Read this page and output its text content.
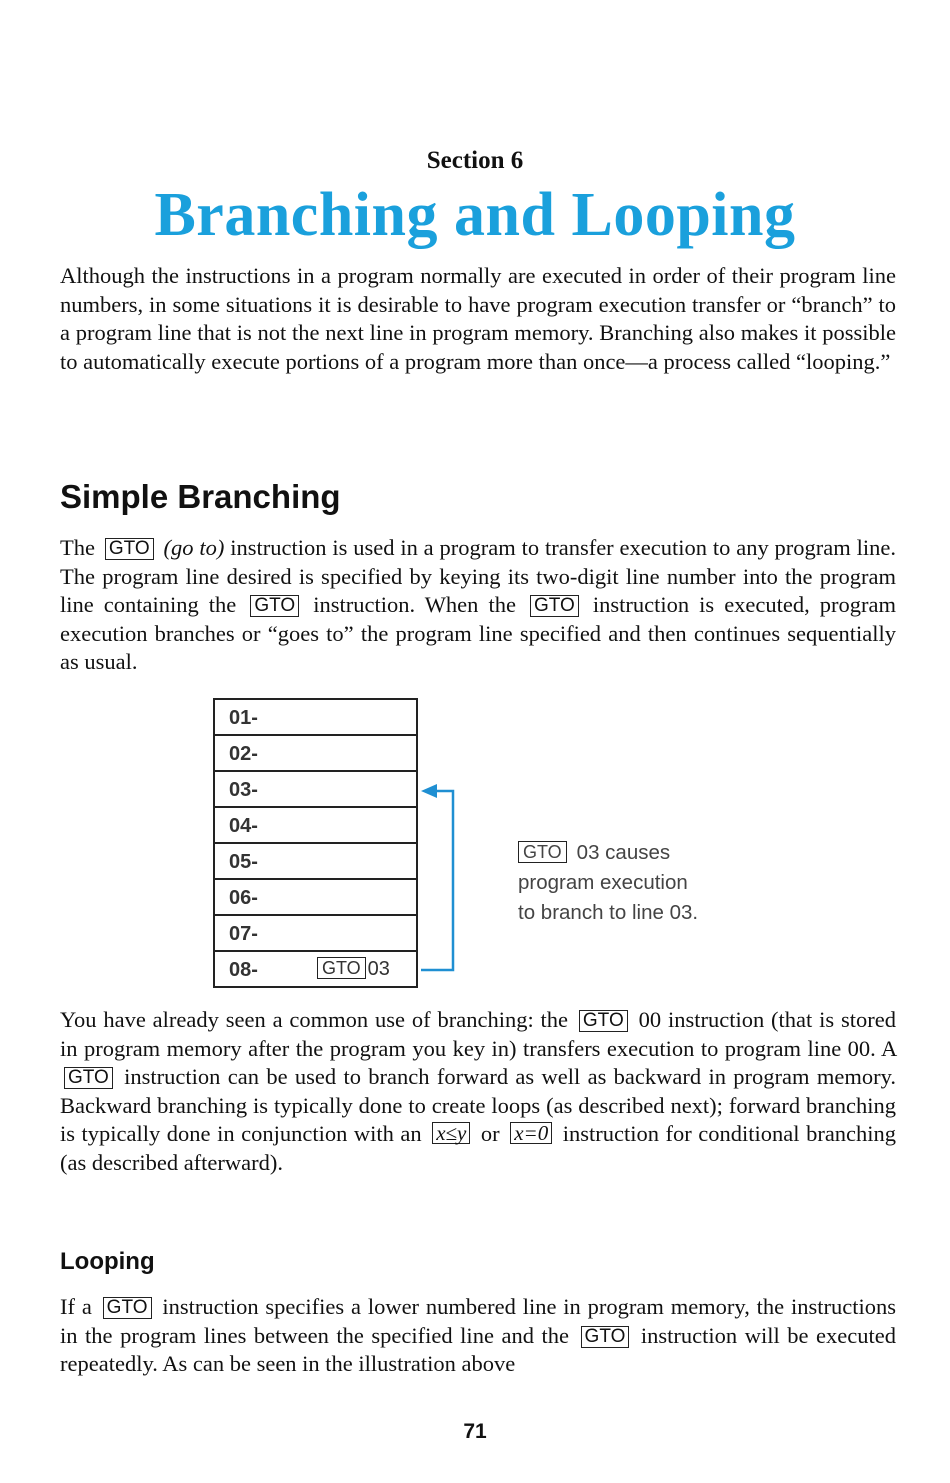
Section 6
Branching and Looping

Although the instructions in a program normally are executed in order of their program line numbers, in some situations it is desirable to have program execution transfer or “branch” to a program line that is not the next line in program memory. Branching also makes it possible to automatically execute portions of a program more than once—a process called “looping.”

Simple Branching

The GTO (go to) instruction is used in a program to transfer execution to any program line. The program line desired is specified by keying its two-digit line number into the program line containing the GTO instruction. When the GTO instruction is executed, program execution branches or “goes to” the program line specified and then continues sequentially as usual.

01-
02-
03-
04-
05-
06-
07-
08-	GTO 03
GTO 03 causes
program execution
to branch to line 03.

You have already seen a common use of branching: the GTO 00 instruction (that is stored in program memory after the program you key in) transfers execution to program line 00. A GTO instruction can be used to branch forward as well as backward in program memory. Backward branching is typically done to create loops (as described next); forward branching is typically done in conjunction with an x≤y or x=0 instruction for conditional branching (as described afterward).

Looping

If a GTO instruction specifies a lower numbered line in program memory, the instructions in the program lines between the specified line and the GTO instruction will be executed repeatedly. As can be seen in the illustration above

71
